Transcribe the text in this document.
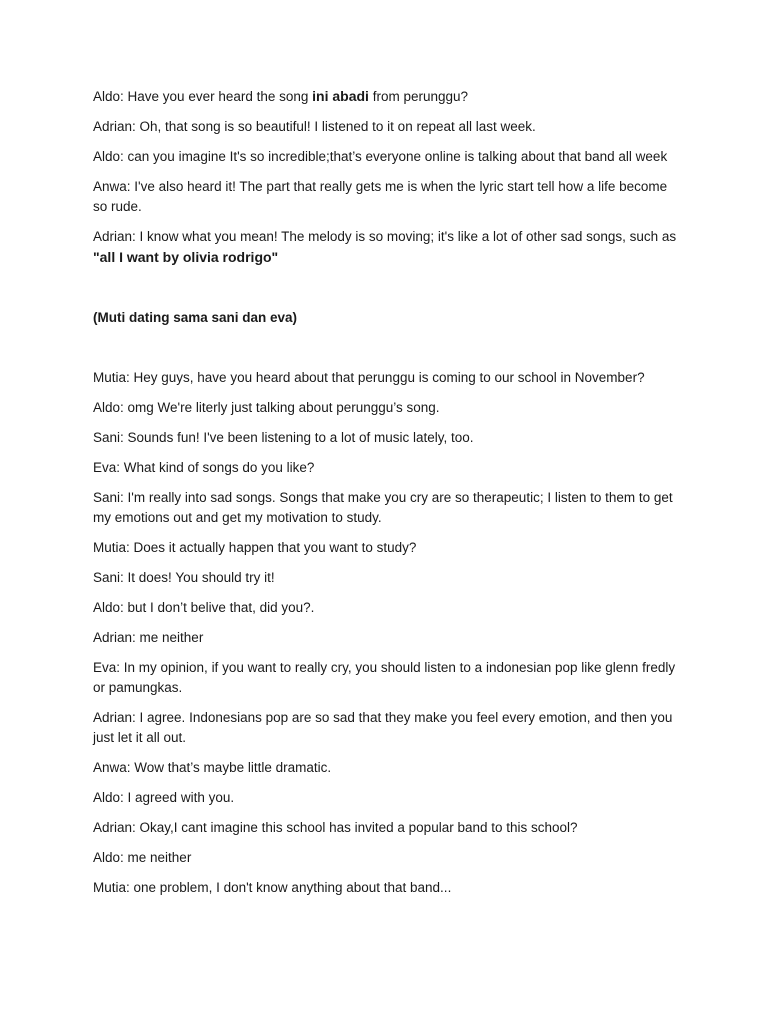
Aldo: Have you ever heard the song ini abadi from perunggu?

Adrian: Oh, that song is so beautiful! I listened to it on repeat all last week.

Aldo: can you imagine It's so incredible;that’s everyone online is talking about that band all week

Anwa: I've also heard it! The part that really gets me is when the lyric start tell how a life become so rude.

Adrian: I know what you mean! The melody is so moving; it's like a lot of other sad songs, such as "all I want by olivia rodrigo"

(Muti dating sama sani dan eva)

Mutia: Hey guys, have you heard about that perunggu is coming to our school in November?

Aldo: omg We're literly just talking about perunggu’s song.

Sani: Sounds fun! I've been listening to a lot of music lately, too.

Eva: What kind of songs do you like?

Sani: I'm really into sad songs. Songs that make you cry are so therapeutic; I listen to them to get my emotions out and get my motivation to study.

Mutia: Does it actually happen that you want to study?

Sani: It does! You should try it!

Aldo: but I don’t belive that, did you?.

Adrian: me neither

Eva: In my opinion, if you want to really cry, you should listen to a indonesian pop like glenn fredly or pamungkas.

Adrian: I agree. Indonesians pop are so sad that they make you feel every emotion, and then you just let it all out.

Anwa: Wow that’s maybe little dramatic.

Aldo: I agreed with you.

Adrian: Okay,I cant imagine this school has invited a popular band to this school?

Aldo: me neither

Mutia: one problem, I don't know anything about that band...
